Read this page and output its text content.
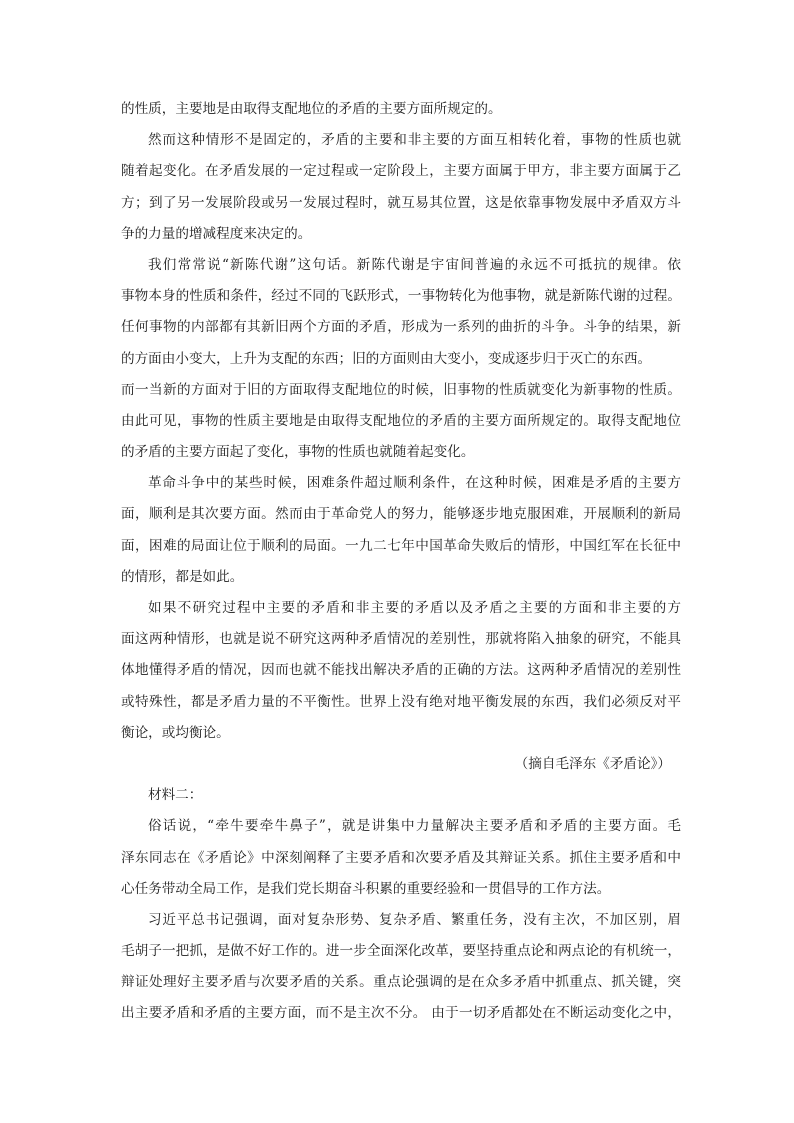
的性质，主要地是由取得支配地位的矛盾的主要方面所规定的。
然而这种情形不是固定的，矛盾的主要和非主要的方面互相转化着，事物的性质也就
随着起变化。在矛盾发展的一定过程或一定阶段上，主要方面属于甲方，非主要方面属于乙
方；到了另一发展阶段或另一发展过程时，就互易其位置，这是依靠事物发展中矛盾双方斗
争的力量的增减程度来决定的。
我们常常说“新陈代谢”这句话。新陈代谢是宇宙间普遍的永远不可抵抗的规律。依
事物本身的性质和条件，经过不同的飞跃形式，一事物转化为他事物，就是新陈代谢的过程。
任何事物的内部都有其新旧两个方面的矛盾，形成为一系列的曲折的斗争。斗争的结果，新
的方面由小变大，上升为支配的东西；旧的方面则由大变小，变成逐步归于灭亡的东西。
而一当新的方面对于旧的方面取得支配地位的时候，旧事物的性质就变化为新事物的性质。
由此可见，事物的性质主要地是由取得支配地位的矛盾的主要方面所规定的。取得支配地位
的矛盾的主要方面起了变化，事物的性质也就随着起变化。
革命斗争中的某些时候，困难条件超过顺利条件，在这种时候，困难是矛盾的主要方
面，顺利是其次要方面。然而由于革命党人的努力，能够逐步地克服困难，开展顺利的新局
面，困难的局面让位于顺利的局面。一九二七年中国革命失败后的情形，中国红军在长征中
的情形，都是如此。
如果不研究过程中主要的矛盾和非主要的矛盾以及矛盾之主要的方面和非主要的方
面这两种情形，也就是说不研究这两种矛盾情况的差别性，那就将陷入抽象的研究，不能具
体地懂得矛盾的情况，因而也就不能找出解决矛盾的正确的方法。这两种矛盾情况的差别性
或特殊性，都是矛盾力量的不平衡性。世界上没有绝对地平衡发展的东西，我们必须反对平
衡论，或均衡论。
（摘自毛泽东《矛盾论》）
材料二：
俗话说，“牵牛要牵牛鼻子”，就是讲集中力量解决主要矛盾和矛盾的主要方面。毛
泽东同志在《矛盾论》中深刻阐释了主要矛盾和次要矛盾及其辩证关系。抓住主要矛盾和中
心任务带动全局工作，是我们党长期奋斗积累的重要经验和一贯倡导的工作方法。
习近平总书记强调，面对复杂形势、复杂矛盾、繁重任务，没有主次，不加区别，眉
毛胡子一把抓，是做不好工作的。进一步全面深化改革，要坚持重点论和两点论的有机统一，
辩证处理好主要矛盾与次要矛盾的关系。重点论强调的是在众多矛盾中抓重点、抓关键，突
出主要矛盾和矛盾的主要方面，而不是主次不分。 由于一切矛盾都处在不断运动变化之中，
